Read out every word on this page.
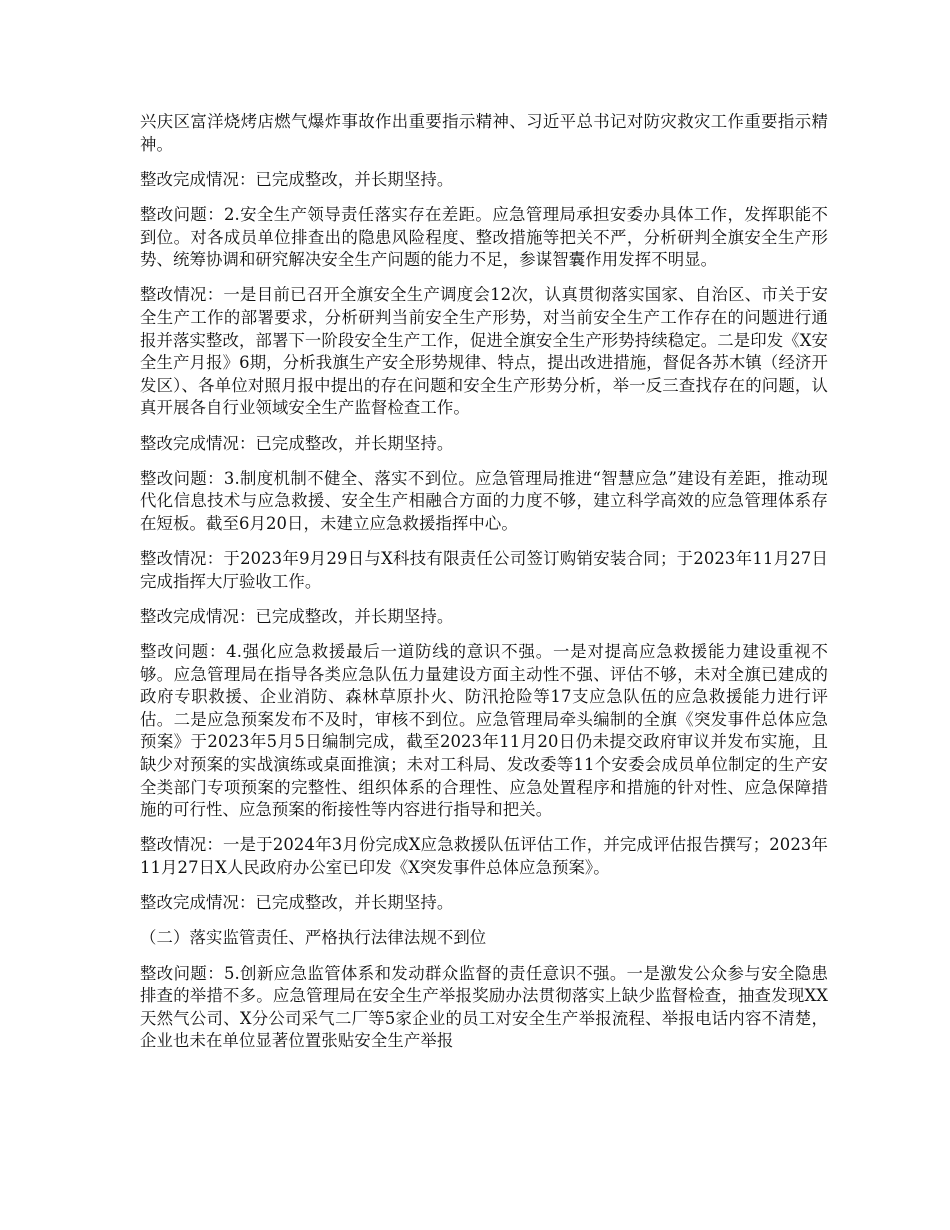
兴庆区富洋烧烤店燃气爆炸事故作出重要指示精神、习近平总书记对防灾救灾工作重要指示精神。

整改完成情况：已完成整改，并长期坚持。

整改问题：2.安全生产领导责任落实存在差距。应急管理局承担安委办具体工作，发挥职能不到位。对各成员单位排查出的隐患风险程度、整改措施等把关不严，分析研判全旗安全生产形势、统筹协调和研究解决安全生产问题的能力不足，参谋智囊作用发挥不明显。

整改情况：一是目前已召开全旗安全生产调度会12次，认真贯彻落实国家、自治区、市关于安全生产工作的部署要求，分析研判当前安全生产形势，对当前安全生产工作存在的问题进行通报并落实整改，部署下一阶段安全生产工作，促进全旗安全生产形势持续稳定。二是印发《X安全生产月报》6期，分析我旗生产安全形势规律、特点，提出改进措施，督促各苏木镇（经济开发区）、各单位对照月报中提出的存在问题和安全生产形势分析，举一反三查找存在的问题，认真开展各自行业领域安全生产监督检查工作。

整改完成情况：已完成整改，并长期坚持。

整改问题：3.制度机制不健全、落实不到位。应急管理局推进“智慧应急”建设有差距，推动现代化信息技术与应急救援、安全生产相融合方面的力度不够，建立科学高效的应急管理体系存在短板。截至6月20日，未建立应急救援指挥中心。

整改情况：于2023年9月29日与X科技有限责任公司签订购销安装合同；于2023年11月27日完成指挥大厅验收工作。

整改完成情况：已完成整改，并长期坚持。

整改问题：4.强化应急救援最后一道防线的意识不强。一是对提高应急救援能力建设重视不够。应急管理局在指导各类应急队伍力量建设方面主动性不强、评估不够，未对全旗已建成的政府专职救援、企业消防、森林草原扑火、防汛抢险等17支应急队伍的应急救援能力进行评估。二是应急预案发布不及时，审核不到位。应急管理局牵头编制的全旗《突发事件总体应急预案》于2023年5月5日编制完成，截至2023年11月20日仍未提交政府审议并发布实施，且缺少对预案的实战演练或桌面推演；未对工科局、发改委等11个安委会成员单位制定的生产安全类部门专项预案的完整性、组织体系的合理性、应急处置程序和措施的针对性、应急保障措施的可行性、应急预案的衔接性等内容进行指导和把关。

整改情况：一是于2024年3月份完成X应急救援队伍评估工作，并完成评估报告撰写；2023年11月27日X人民政府办公室已印发《X突发事件总体应急预案》。

整改完成情况：已完成整改，并长期坚持。

（二）落实监管责任、严格执行法律法规不到位

整改问题：5.创新应急监管体系和发动群众监督的责任意识不强。一是激发公众参与安全隐患排查的举措不多。应急管理局在安全生产举报奖励办法贯彻落实上缺少监督检查，抽查发现XX天然气公司、X分公司采气二厂等5家企业的员工对安全生产举报流程、举报电话内容不清楚，企业也未在单位显著位置张贴安全生产举报
